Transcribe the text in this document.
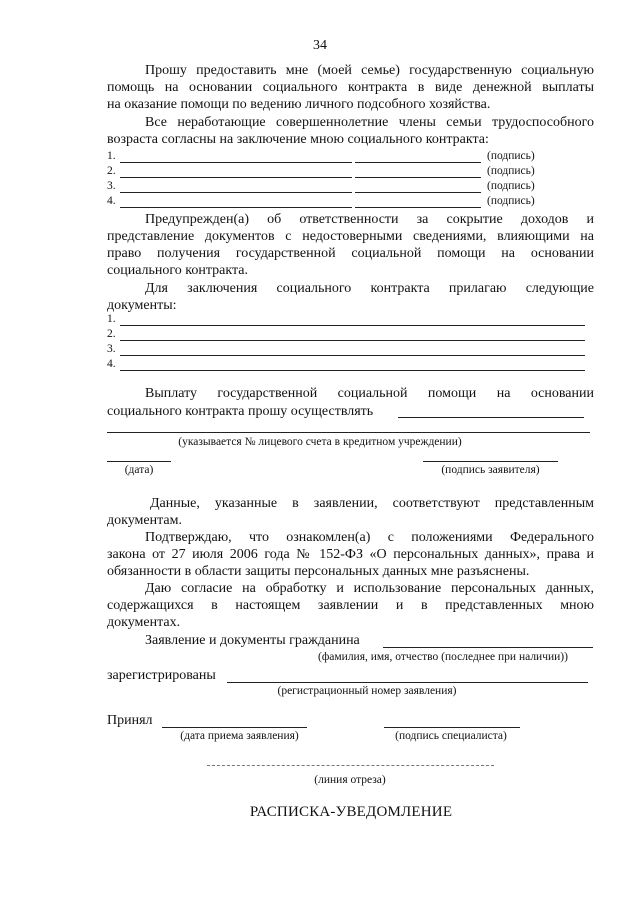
34
Прошу предоставить мне (моей семье) государственную социальную
помощь на основании социального контракта в виде денежной выплаты
на оказание помощи по ведению личного подсобного хозяйства.
Все неработающие совершеннолетние члены семьи трудоспособного
возраста согласны на заключение мною социального контракта:
1.	(подпись)
2.	(подпись)
3.	(подпись)
4.	(подпись)
Предупрежден(а) об ответственности за сокрытие доходов и
представление документов с недостоверными сведениями, влияющими на
право получения государственной социальной помощи на основании
социального контракта.
Для заключения социального контракта прилагаю следующие
документы:
1.
2.
3.
4.
Выплату государственной социальной помощи на основании
социального контракта прошу осуществлять
(указывается № лицевого счета в кредитном учреждении)
(дата)	(подпись заявителя)
Данные, указанные в заявлении, соответствуют представленным
документам.
Подтверждаю, что ознакомлен(а) с положениями Федерального
закона от 27 июля 2006 года № 152-ФЗ «О персональных данных», права и
обязанности в области защиты персональных данных мне разъяснены.
Даю согласие на обработку и использование персональных данных,
содержащихся в настоящем заявлении и в представленных мною
документах.
Заявление и документы гражданина
(фамилия, имя, отчество (последнее при наличии))
зарегистрированы
(регистрационный номер заявления)
Принял
(дата приема заявления)	(подпись специалиста)
(линия отреза)
РАСПИСКА-УВЕДОМЛЕНИЕ
